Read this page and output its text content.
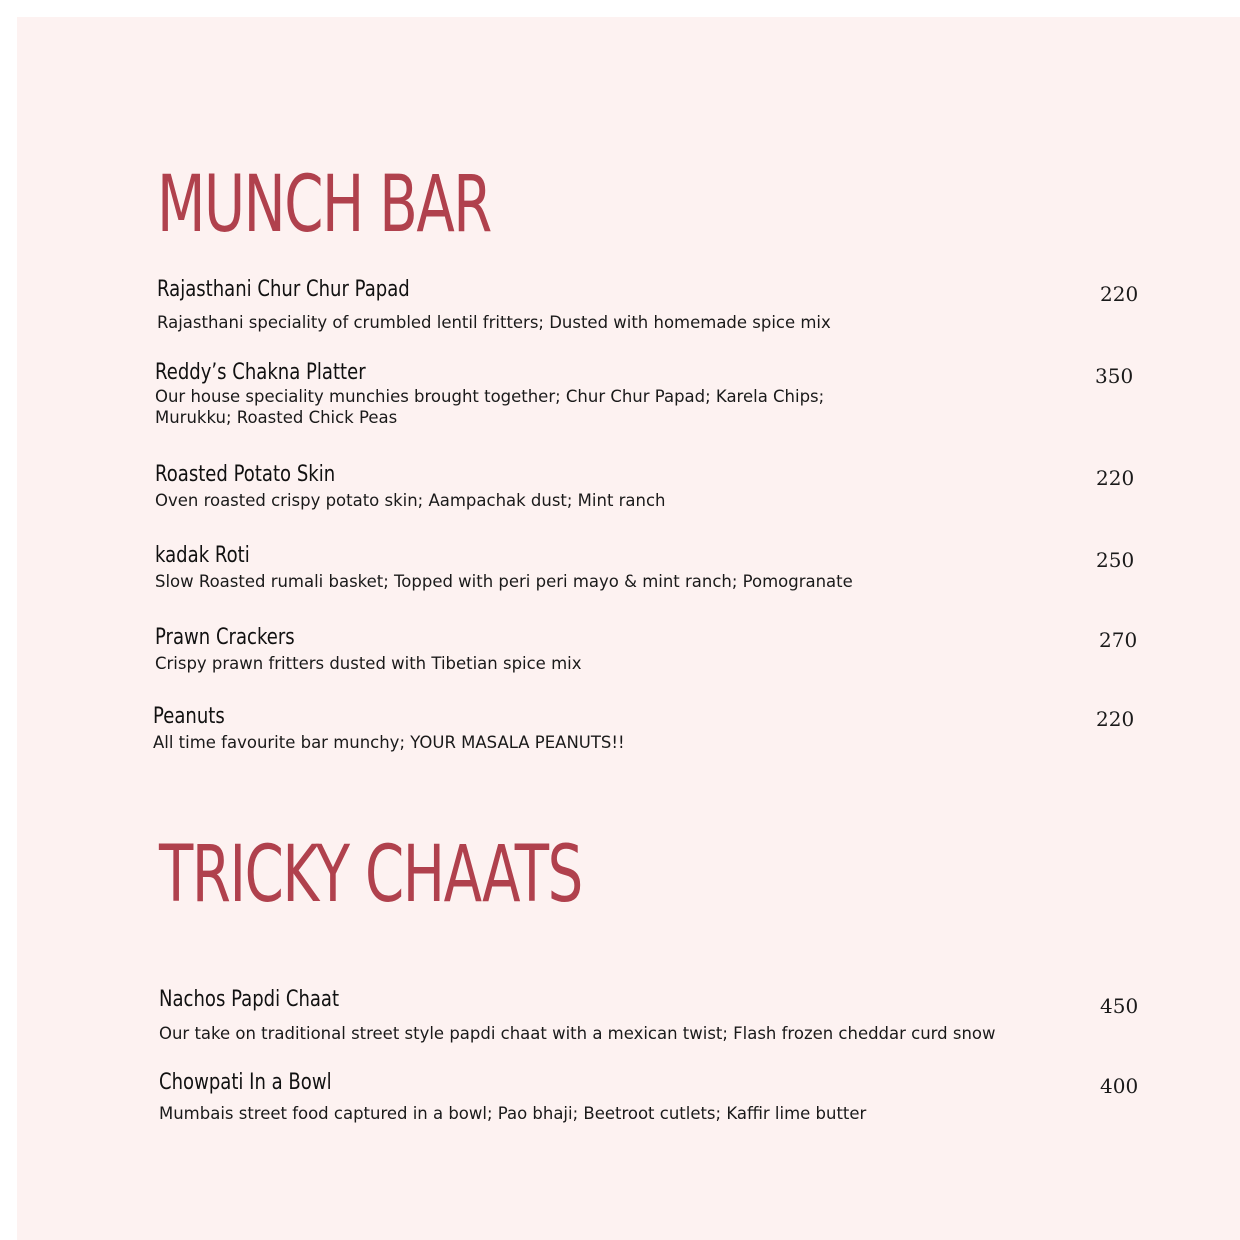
MUNCH BAR
Rajasthani Chur Chur Papad	220
Rajasthani speciality of crumbled lentil fritters; Dusted with homemade spice mix
Reddy’s Chakna Platter	350
Our house speciality munchies brought together; Chur Chur Papad; Karela Chips;
Murukku; Roasted Chick Peas
Roasted Potato Skin	220
Oven roasted crispy potato skin; Aampachak dust; Mint ranch
kadak Roti	250
Slow Roasted rumali basket; Topped with peri peri mayo & mint ranch; Pomogranate
Prawn Crackers	270
Crispy prawn fritters dusted with Tibetian spice mix
Peanuts	220
All time favourite bar munchy; YOUR MASALA PEANUTS!!
TRICKY CHAATS
Nachos Papdi Chaat	450
Our take on traditional street style papdi chaat with a mexican twist; Flash frozen cheddar curd snow
Chowpati In a Bowl	400
Mumbais street food captured in a bowl; Pao bhaji; Beetroot cutlets; Kaffir lime butter
